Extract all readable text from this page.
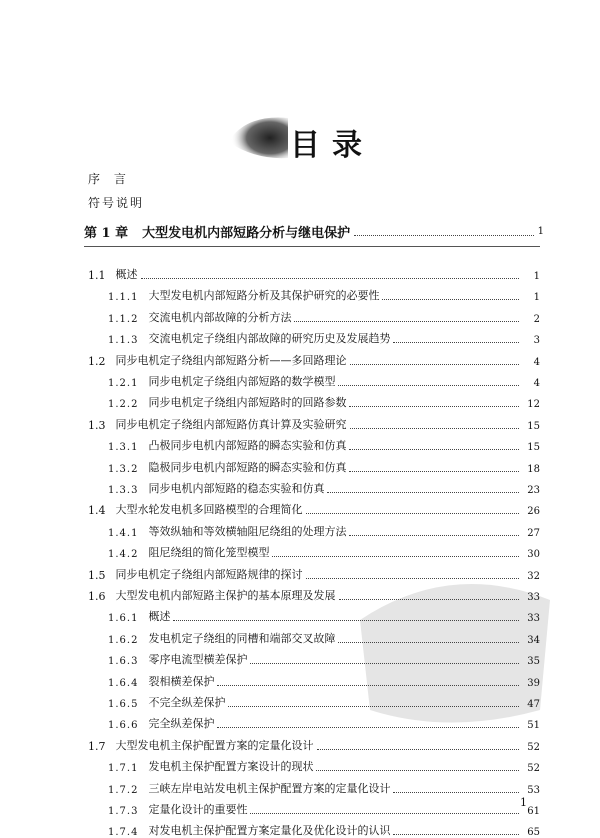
目 录
序 言
符号说明
第 1 章 大型发电机内部短路分析与继电保护	1
1.1 概述	1
1.1.1 大型发电机内部短路分析及其保护研究的必要性	1
1.1.2 交流电机内部故障的分析方法	2
1.1.3 交流电机定子绕组内部故障的研究历史及发展趋势	3
1.2 同步电机定子绕组内部短路分析——多回路理论	4
1.2.1 同步电机定子绕组内部短路的数学模型	4
1.2.2 同步电机定子绕组内部短路时的回路参数	12
1.3 同步电机定子绕组内部短路仿真计算及实验研究	15
1.3.1 凸极同步电机内部短路的瞬态实验和仿真	15
1.3.2 隐极同步电机内部短路的瞬态实验和仿真	18
1.3.3 同步电机内部短路的稳态实验和仿真	23
1.4 大型水轮发电机多回路模型的合理简化	26
1.4.1 等效纵轴和等效横轴阻尼绕组的处理方法	27
1.4.2 阻尼绕组的简化笼型模型	30
1.5 同步电机定子绕组内部短路规律的探讨	32
1.6 大型发电机内部短路主保护的基本原理及发展	33
1.6.1 概述	33
1.6.2 发电机定子绕组的同槽和端部交叉故障	34
1.6.3 零序电流型横差保护	35
1.6.4 裂相横差保护	39
1.6.5 不完全纵差保护	47
1.6.6 完全纵差保护	51
1.7 大型发电机主保护配置方案的定量化设计	52
1.7.1 发电机主保护配置方案设计的现状	52
1.7.2 三峡左岸电站发电机主保护配置方案的定量化设计	53
1.7.3 定量化设计的重要性	61
1.7.4 对发电机主保护配置方案定量化及优化设计的认识	65
1
